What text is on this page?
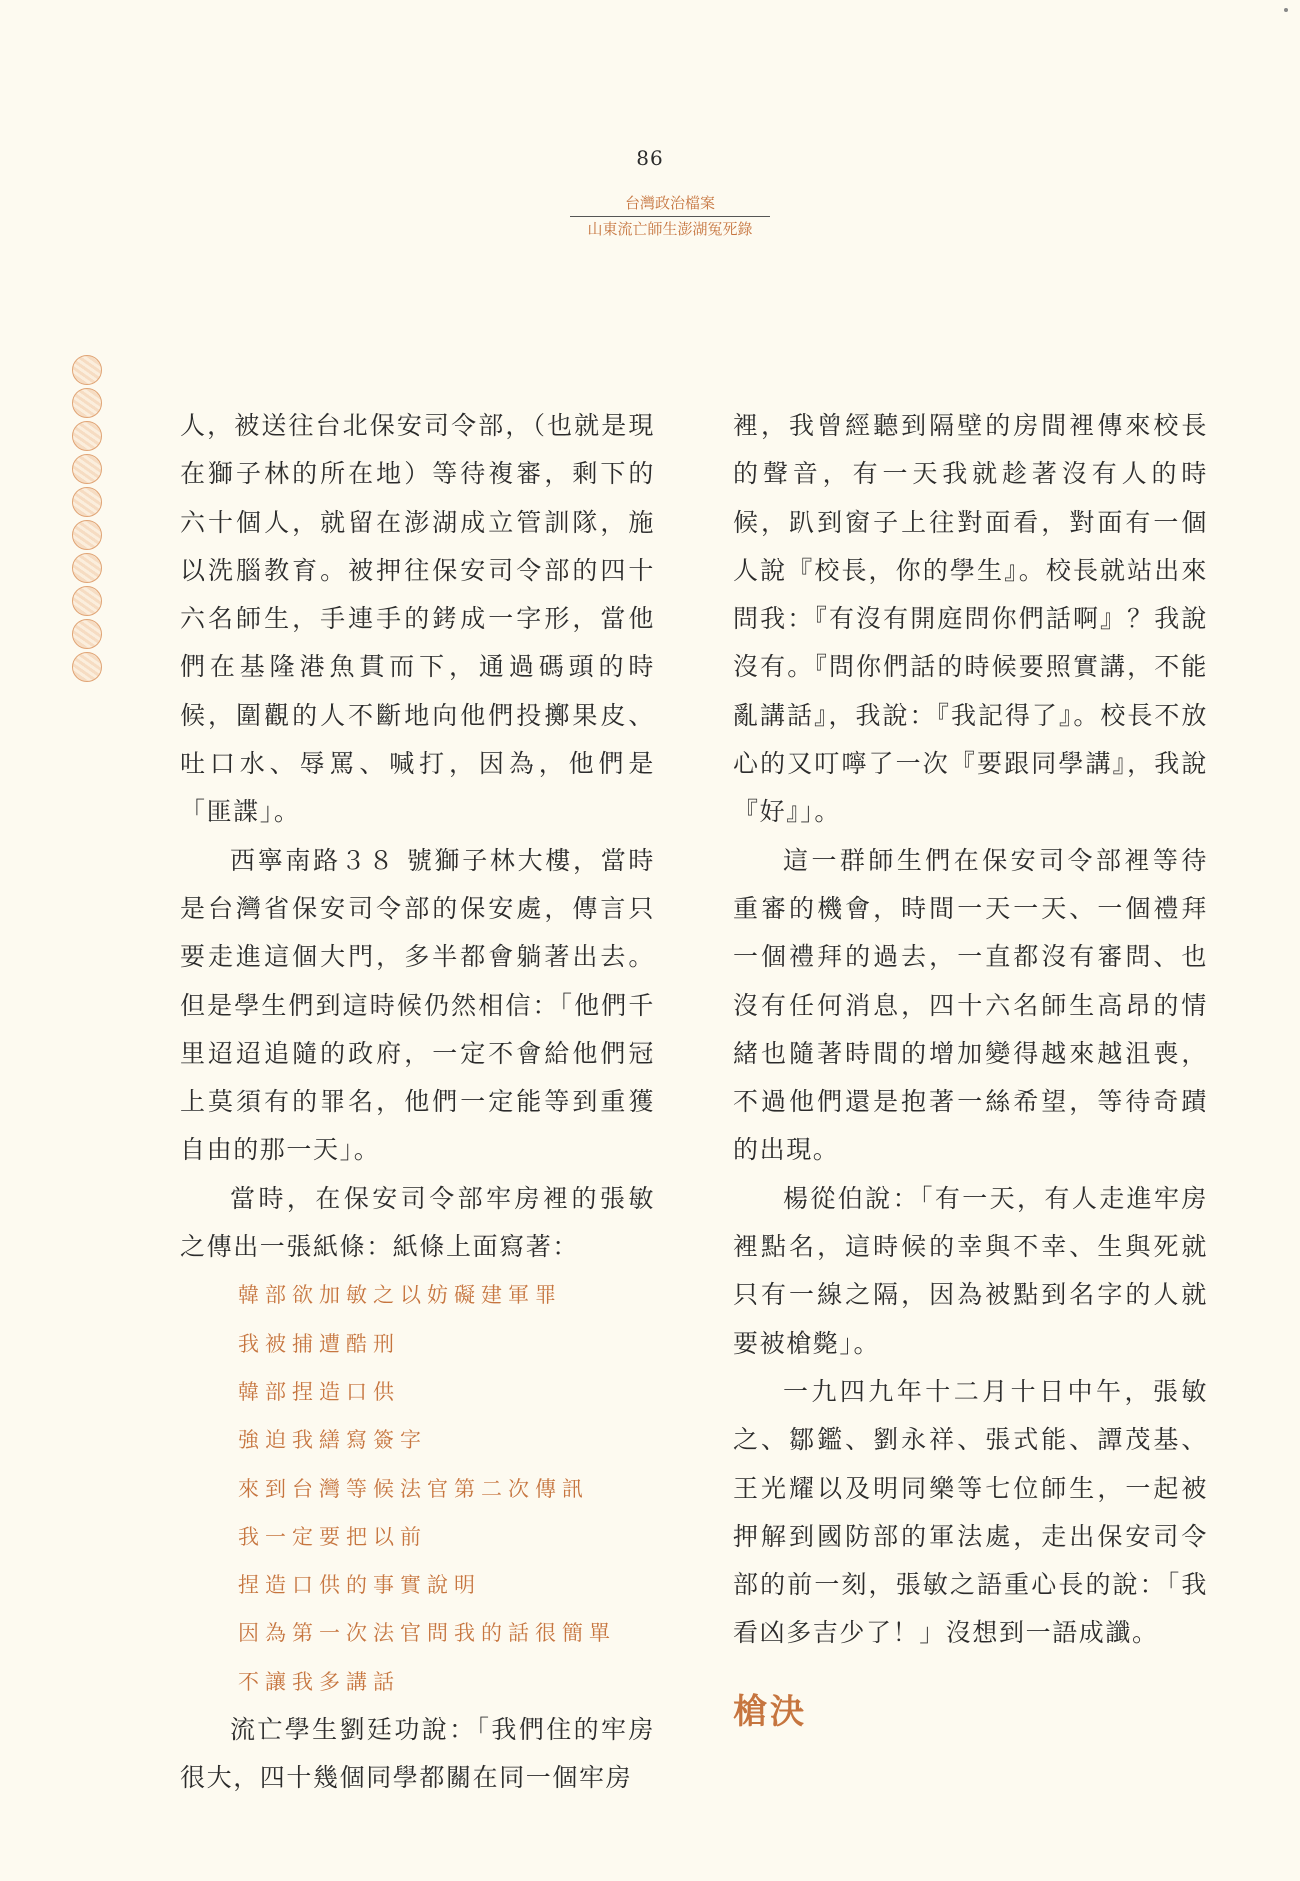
86
台灣政治檔案
山東流亡師生澎湖冤死錄

人，被送往台北保安司令部，（也就是現在獅子林的所在地）等待複審，剩下的六十個人，就留在澎湖成立管訓隊，施以洗腦教育。被押往保安司令部的四十六名師生，手連手的銬成一字形，當他們在基隆港魚貫而下，通過碼頭的時候，圍觀的人不斷地向他們投擲果皮、吐口水、辱罵、喊打，因為，他們是「匪諜」。

西寧南路３８ 號獅子林大樓，當時是台灣省保安司令部的保安處，傳言只要走進這個大門，多半都會躺著出去。但是學生們到這時候仍然相信：「他們千里迢迢追隨的政府，一定不會給他們冠上莫須有的罪名，他們一定能等到重獲自由的那一天」。

當時，在保安司令部牢房裡的張敏之傳出一張紙條：紙條上面寫著：

韓部欲加敏之以妨礙建軍罪
我被捕遭酷刑
韓部捏造口供
強迫我繕寫簽字
來到台灣等候法官第二次傳訊
我一定要把以前
捏造口供的事實說明
因為第一次法官問我的話很簡單
不讓我多講話

流亡學生劉廷功說：「我們住的牢房很大，四十幾個同學都關在同一個牢房

裡，我曾經聽到隔壁的房間裡傳來校長的聲音，有一天我就趁著沒有人的時候，趴到窗子上往對面看，對面有一個人說『校長，你的學生』。校長就站出來問我：『有沒有開庭問你們話啊』？我說沒有。『問你們話的時候要照實講，不能亂講話』，我說：『我記得了』。校長不放心的又叮嚀了一次『要跟同學講』，我說『好』」。

這一群師生們在保安司令部裡等待重審的機會，時間一天一天、一個禮拜一個禮拜的過去，一直都沒有審問、也沒有任何消息，四十六名師生高昂的情緒也隨著時間的增加變得越來越沮喪，不過他們還是抱著一絲希望，等待奇蹟的出現。

楊從伯說：「有一天，有人走進牢房裡點名，這時候的幸與不幸、生與死就只有一線之隔，因為被點到名字的人就要被槍斃」。

一九四九年十二月十日中午，張敏之、鄒鑑、劉永祥、張式能、譚茂基、王光耀以及明同樂等七位師生，一起被押解到國防部的軍法處，走出保安司令部的前一刻，張敏之語重心長的說：「我看凶多吉少了！」沒想到一語成讖。

槍決
